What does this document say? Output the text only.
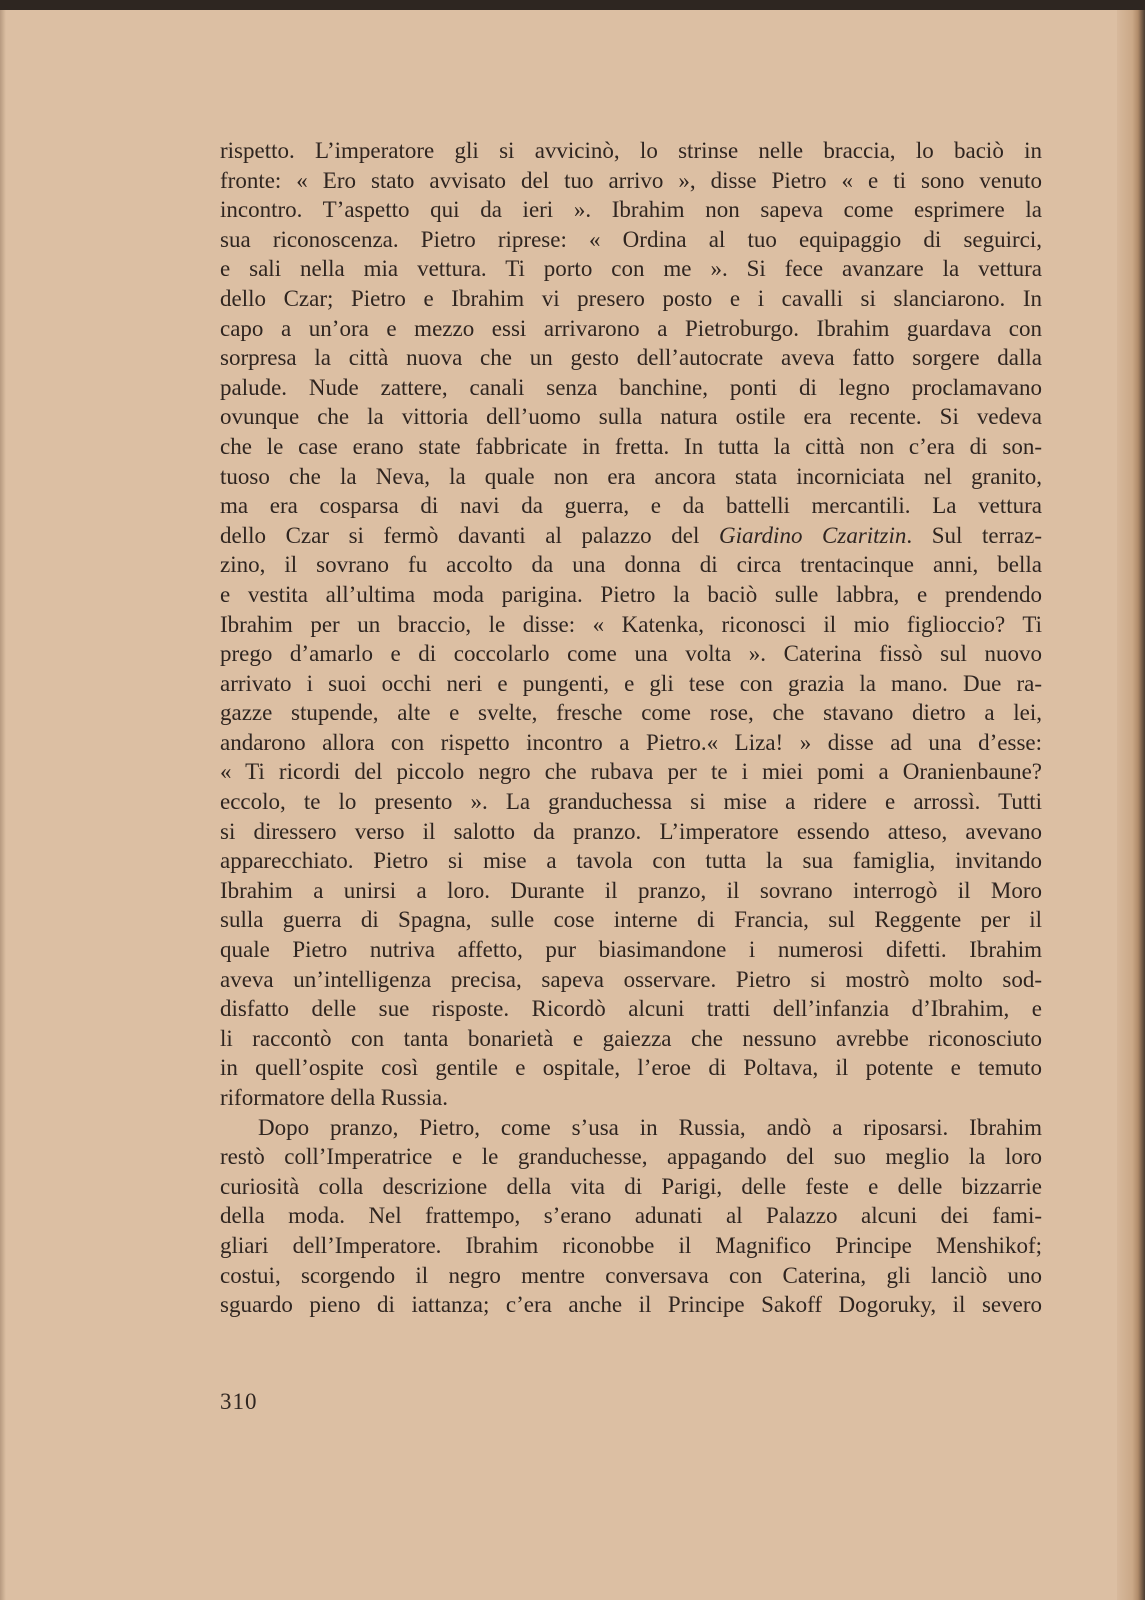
rispetto. L’imperatore gli si avvicinò, lo strinse nelle braccia, lo baciò in
fronte: « Ero stato avvisato del tuo arrivo », disse Pietro « e ti sono venuto
incontro. T’aspetto qui da ieri ». Ibrahim non sapeva come esprimere la
sua riconoscenza. Pietro riprese: « Ordina al tuo equipaggio di seguirci,
e sali nella mia vettura. Ti porto con me ». Si fece avanzare la vettura
dello Czar; Pietro e Ibrahim vi presero posto e i cavalli si slanciarono. In
capo a un’ora e mezzo essi arrivarono a Pietroburgo. Ibrahim guardava con
sorpresa la città nuova che un gesto dell’autocrate aveva fatto sorgere dalla
palude. Nude zattere, canali senza banchine, ponti di legno proclamavano
ovunque che la vittoria dell’uomo sulla natura ostile era recente. Si vedeva
che le case erano state fabbricate in fretta. In tutta la città non c’era di son-
tuoso che la Neva, la quale non era ancora stata incorniciata nel granito,
ma era cosparsa di navi da guerra, e da battelli mercantili. La vettura
dello Czar si fermò davanti al palazzo del Giardino Czaritzin. Sul terraz-
zino, il sovrano fu accolto da una donna di circa trentacinque anni, bella
e vestita all’ultima moda parigina. Pietro la baciò sulle labbra, e prendendo
Ibrahim per un braccio, le disse: « Katenka, riconosci il mio figlioccio? Ti
prego d’amarlo e di coccolarlo come una volta ». Caterina fissò sul nuovo
arrivato i suoi occhi neri e pungenti, e gli tese con grazia la mano. Due ra-
gazze stupende, alte e svelte, fresche come rose, che stavano dietro a lei,
andarono allora con rispetto incontro a Pietro.« Liza! » disse ad una d’esse:
« Ti ricordi del piccolo negro che rubava per te i miei pomi a Oranienbaune?
eccolo, te lo presento ». La granduchessa si mise a ridere e arrossì. Tutti
si diressero verso il salotto da pranzo. L’imperatore essendo atteso, avevano
apparecchiato. Pietro si mise a tavola con tutta la sua famiglia, invitando
Ibrahim a unirsi a loro. Durante il pranzo, il sovrano interrogò il Moro
sulla guerra di Spagna, sulle cose interne di Francia, sul Reggente per il
quale Pietro nutriva affetto, pur biasimandone i numerosi difetti. Ibrahim
aveva un’intelligenza precisa, sapeva osservare. Pietro si mostrò molto sod-
disfatto delle sue risposte. Ricordò alcuni tratti dell’infanzia d’Ibrahim, e
li raccontò con tanta bonarietà e gaiezza che nessuno avrebbe riconosciuto
in quell’ospite così gentile e ospitale, l’eroe di Poltava, il potente e temuto
riformatore della Russia.
Dopo pranzo, Pietro, come s’usa in Russia, andò a riposarsi. Ibrahim
restò coll’Imperatrice e le granduchesse, appagando del suo meglio la loro
curiosità colla descrizione della vita di Parigi, delle feste e delle bizzarrie
della moda. Nel frattempo, s’erano adunati al Palazzo alcuni dei fami-
gliari dell’Imperatore. Ibrahim riconobbe il Magnifico Principe Menshikof;
costui, scorgendo il negro mentre conversava con Caterina, gli lanciò uno
sguardo pieno di iattanza; c’era anche il Principe Sakoff Dogoruky, il severo
310
